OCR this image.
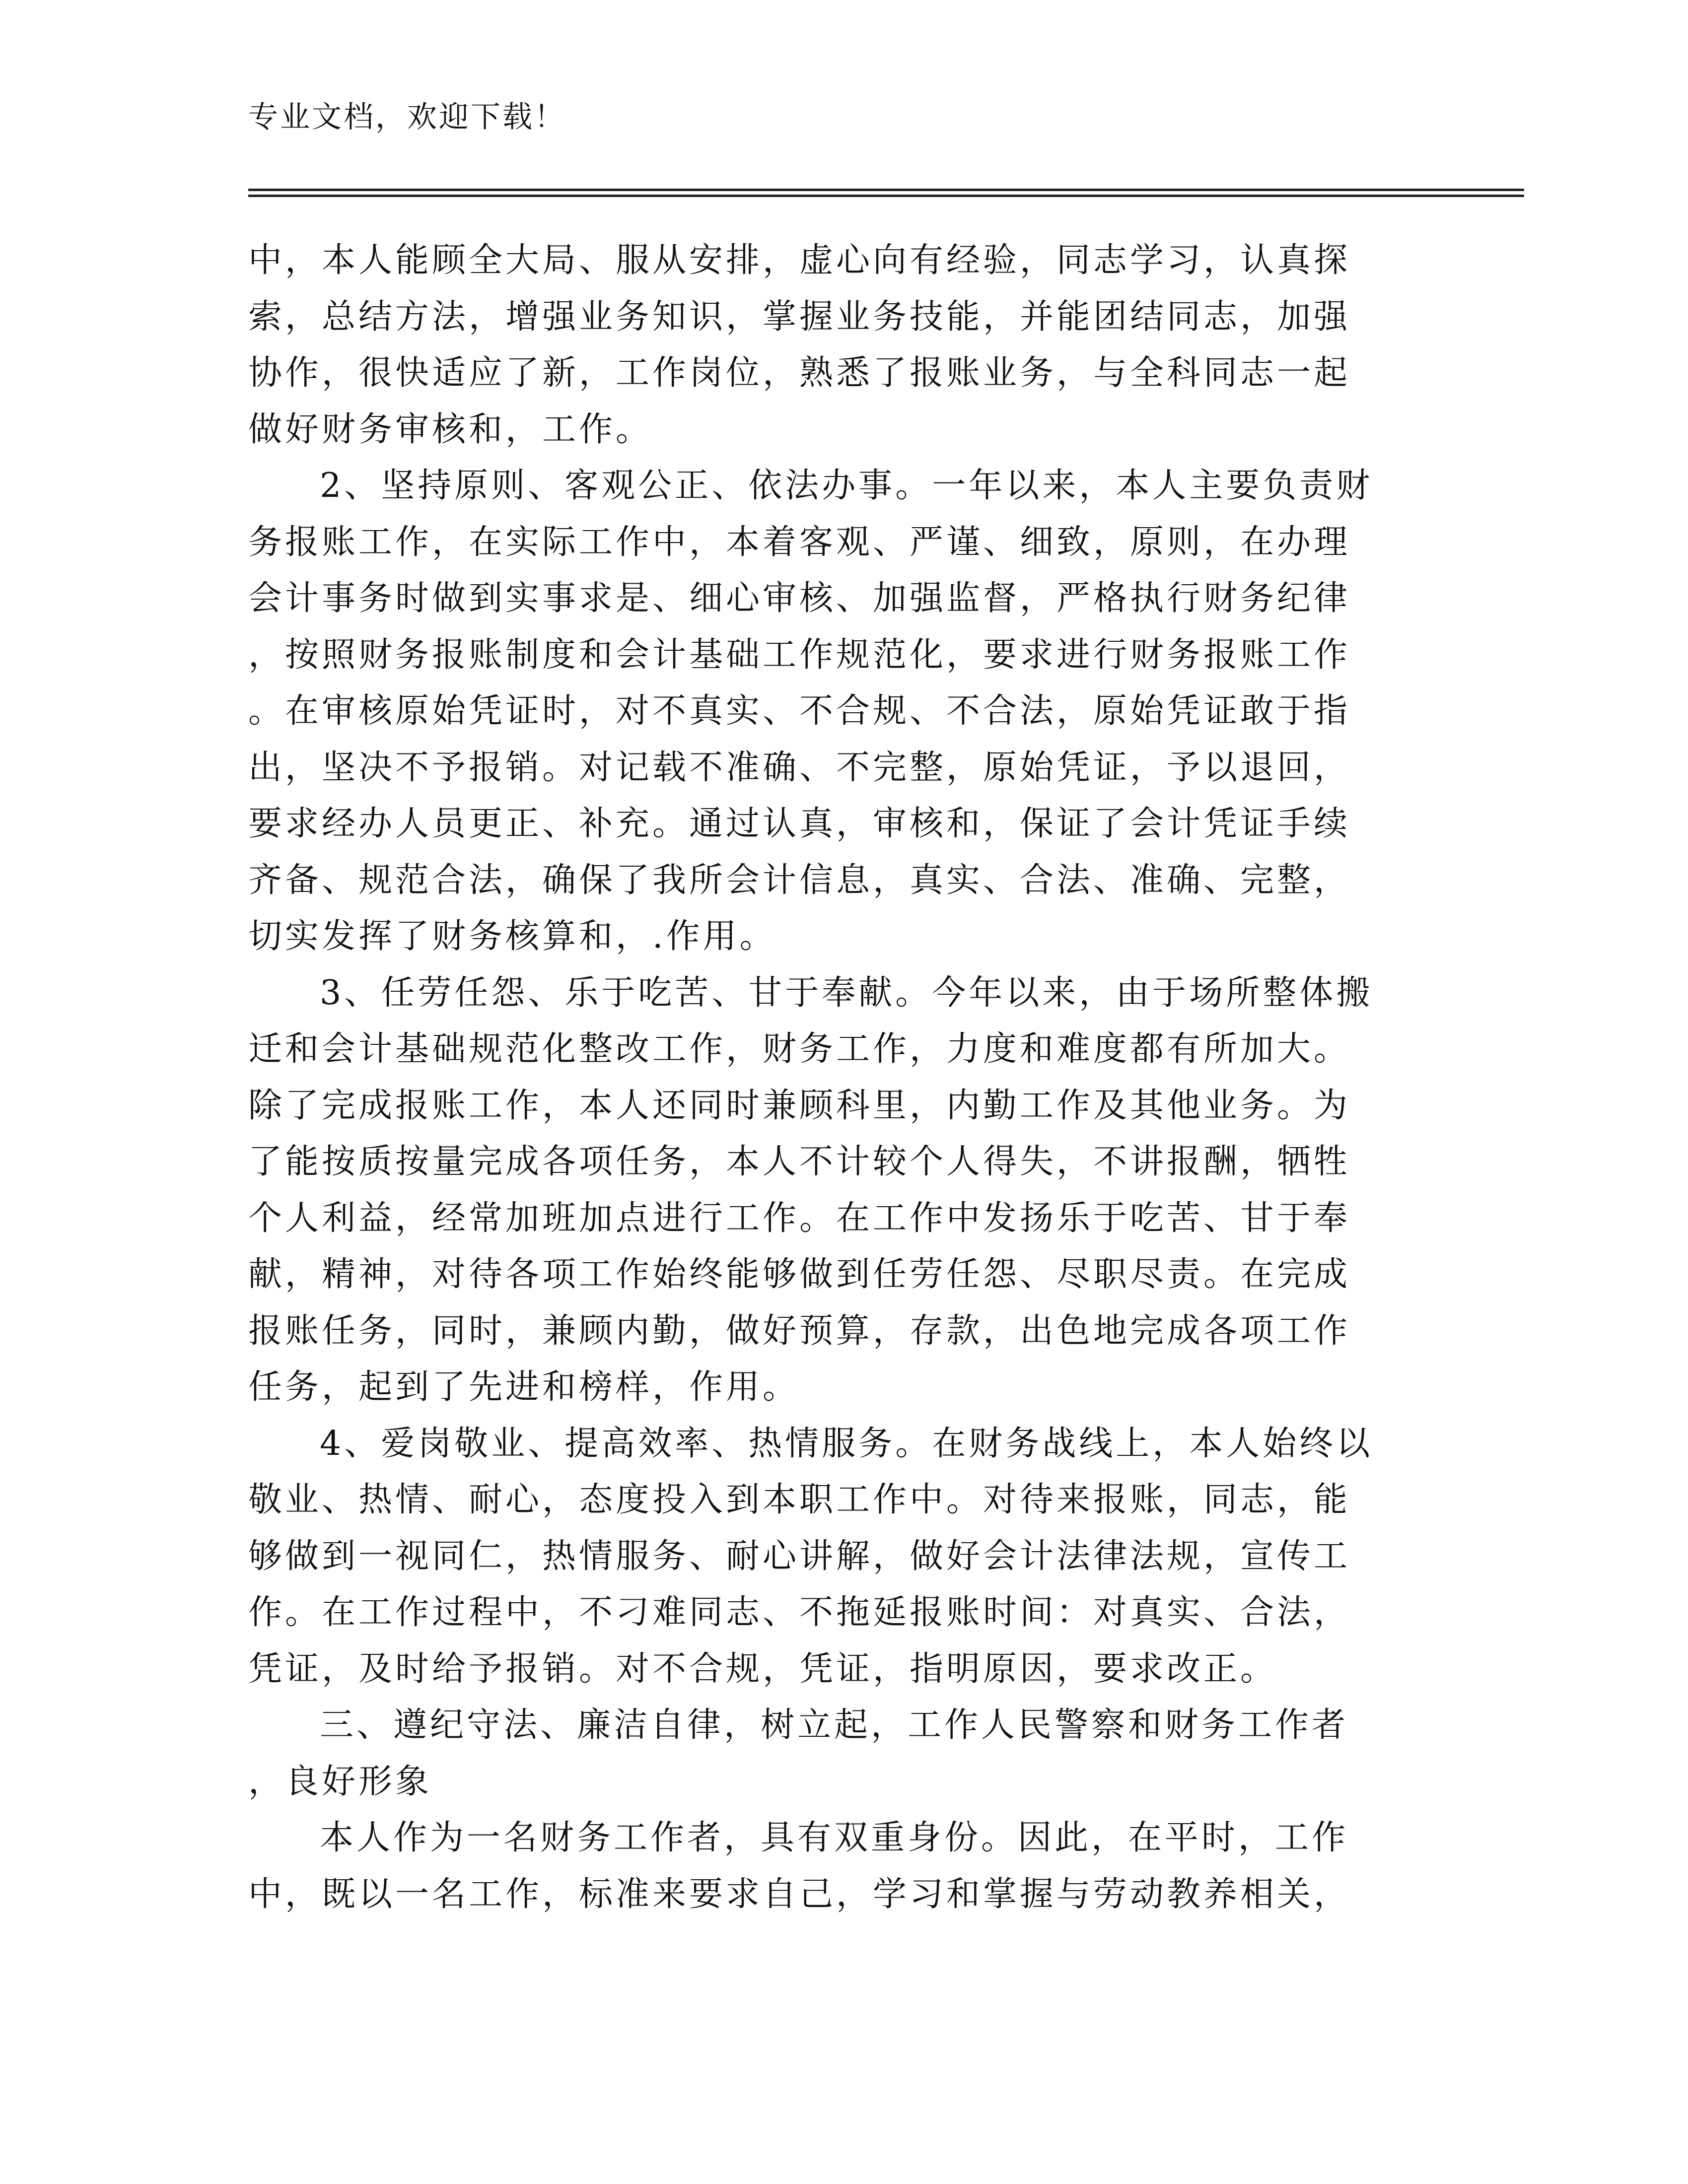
专业文档，欢迎下载！
中，本人能顾全大局、服从安排，虚心向有经验，同志学习，认真探
索，总结方法，增强业务知识，掌握业务技能，并能团结同志，加强
协作，很快适应了新，工作岗位，熟悉了报账业务，与全科同志一起
做好财务审核和，工作。
2、坚持原则、客观公正、依法办事。一年以来，本人主要负责财
务报账工作，在实际工作中，本着客观、严谨、细致，原则，在办理
会计事务时做到实事求是、细心审核、加强监督，严格执行财务纪律
，按照财务报账制度和会计基础工作规范化，要求进行财务报账工作
。在审核原始凭证时，对不真实、不合规、不合法，原始凭证敢于指
出，坚决不予报销。对记载不准确、不完整，原始凭证，予以退回，
要求经办人员更正、补充。通过认真，审核和，保证了会计凭证手续
齐备、规范合法，确保了我所会计信息，真实、合法、准确、完整，
切实发挥了财务核算和，.作用。
3、任劳任怨、乐于吃苦、甘于奉献。今年以来，由于场所整体搬
迁和会计基础规范化整改工作，财务工作，力度和难度都有所加大。
除了完成报账工作，本人还同时兼顾科里，内勤工作及其他业务。为
了能按质按量完成各项任务，本人不计较个人得失，不讲报酬，牺牲
个人利益，经常加班加点进行工作。在工作中发扬乐于吃苦、甘于奉
献，精神，对待各项工作始终能够做到任劳任怨、尽职尽责。在完成
报账任务，同时，兼顾内勤，做好预算，存款，出色地完成各项工作
任务，起到了先进和榜样，作用。
4、爱岗敬业、提高效率、热情服务。在财务战线上，本人始终以
敬业、热情、耐心，态度投入到本职工作中。对待来报账，同志，能
够做到一视同仁，热情服务、耐心讲解，做好会计法律法规，宣传工
作。在工作过程中，不刁难同志、不拖延报账时间：对真实、合法，
凭证，及时给予报销。对不合规，凭证，指明原因，要求改正。
三、遵纪守法、廉洁自律，树立起，工作人民警察和财务工作者
，良好形象
本人作为一名财务工作者，具有双重身份。因此，在平时，工作
中，既以一名工作，标准来要求自己，学习和掌握与劳动教养相关，
